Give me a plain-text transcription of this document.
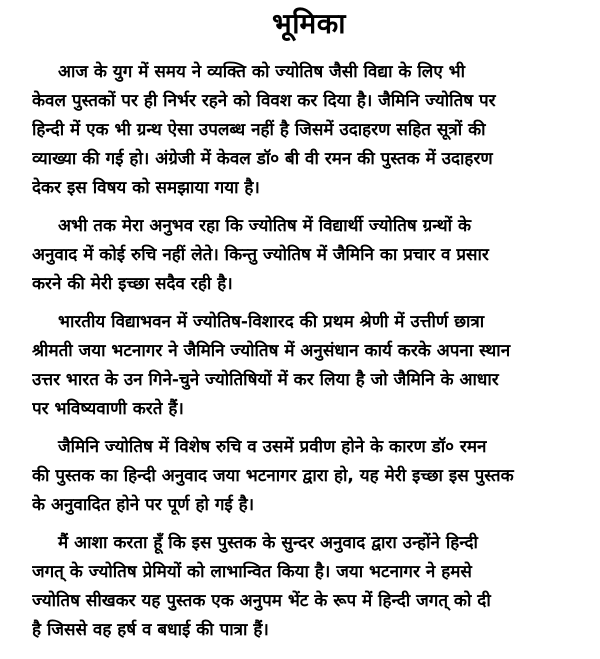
भूमिका
आज के युग में समय ने व्यक्ति को ज्योतिष जैसी विद्या के लिए भी
केवल पुस्तकों पर ही निर्भर रहने को विवश कर दिया है। जैमिनि ज्योतिष पर
हिन्दी में एक भी ग्रन्थ ऐसा उपलब्ध नहीं है जिसमें उदाहरण सहित सूत्रों की
व्याख्या की गई हो। अंग्रेजी में केवल डॉ० बी वी रमन की पुस्तक में उदाहरण
देकर इस विषय को समझाया गया है।
अभी तक मेरा अनुभव रहा कि ज्योतिष में विद्यार्थी ज्योतिष ग्रन्थों के
अनुवाद में कोई रुचि नहीं लेते। किन्तु ज्योतिष में जैमिनि का प्रचार व प्रसार
करने की मेरी इच्छा सदैव रही है।
भारतीय विद्याभवन में ज्योतिष-विशारद की प्रथम श्रेणी में उत्तीर्ण छात्रा
श्रीमती जया भटनागर ने जैमिनि ज्योतिष में अनुसंधान कार्य करके अपना स्थान
उत्तर भारत के उन गिने-चुने ज्योतिषियों में कर लिया है जो जैमिनि के आधार
पर भविष्यवाणी करते हैं।
जैमिनि ज्योतिष में विशेष रुचि व उसमें प्रवीण होने के कारण डॉ० रमन
की पुस्तक का हिन्दी अनुवाद जया भटनागर द्वारा हो, यह मेरी इच्छा इस पुस्तक
के अनुवादित होने पर पूर्ण हो गई है।
मैं आशा करता हूँ कि इस पुस्तक के सुन्दर अनुवाद द्वारा उन्होंने हिन्दी
जगत् के ज्योतिष प्रेमियों को लाभान्वित किया है। जया भटनागर ने हमसे
ज्योतिष सीखकर यह पुस्तक एक अनुपम भेंट के रूप में हिन्दी जगत् को दी
है जिससे वह हर्ष व बधाई की पात्रा हैं।
